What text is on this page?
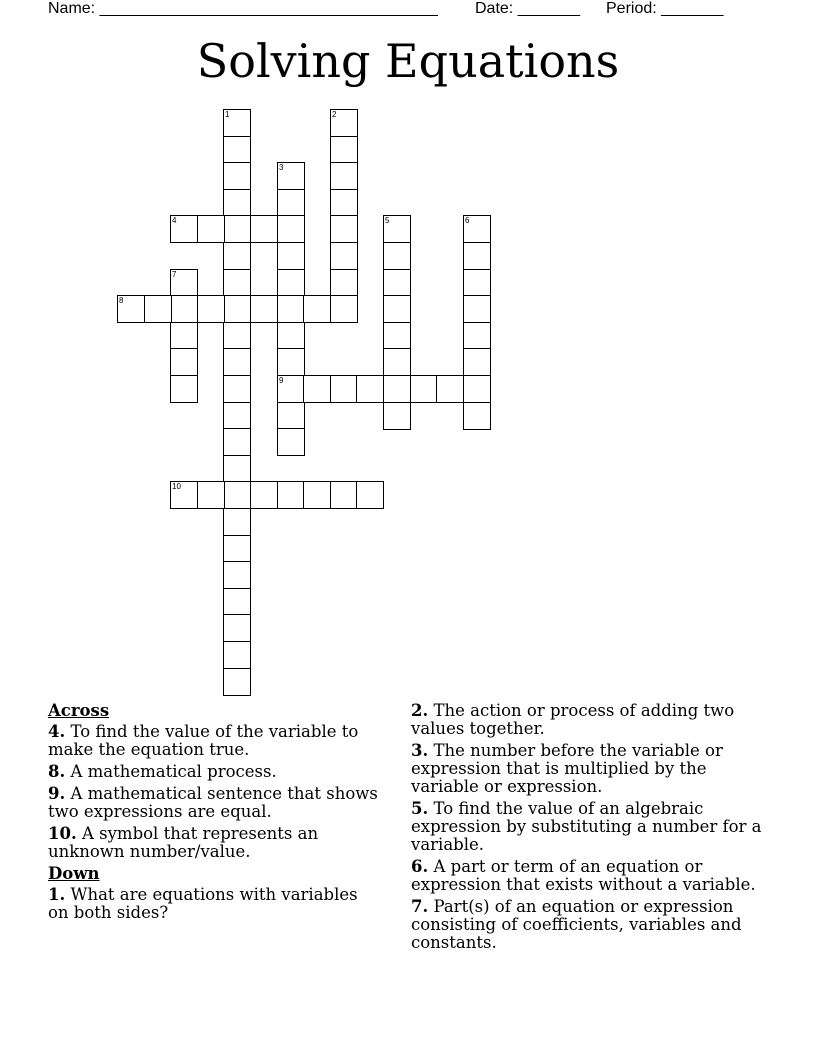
Name: ______________________________________ Date: _______ Period: _______
Solving Equations
1	2
3
9
4	5	6
7
8
10
Across
4. To find the value of the variable to make the equation true.
8. A mathematical process.
9. A mathematical sentence that shows two expressions are equal.
10. A symbol that represents an unknown number/value.
Down
1. What are equations with variables on both sides?
2. The action or process of adding two values together.
3. The number before the variable or expression that is multiplied by the variable or expression.
5. To find the value of an algebraic expression by substituting a number for a variable.
6. A part or term of an equation or expression that exists without a variable.
7. Part(s) of an equation or expression consisting of coefficients, variables and constants.
